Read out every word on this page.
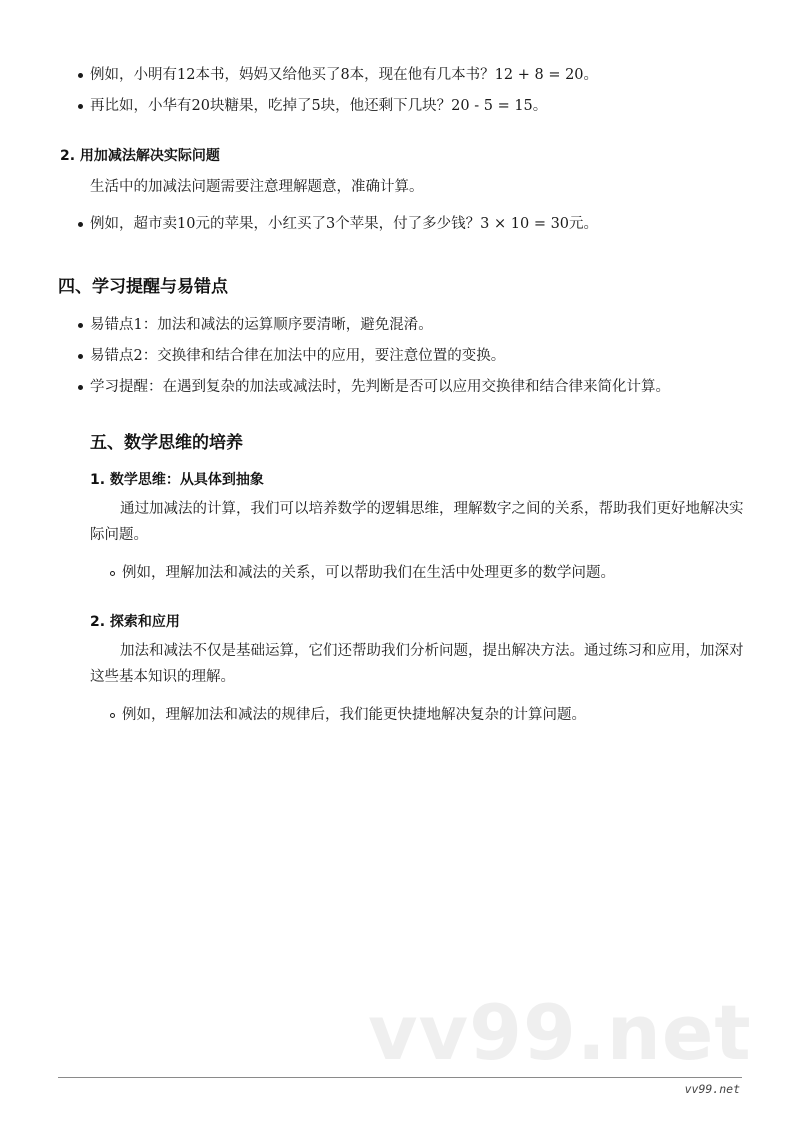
例如，小明有12本书，妈妈又给他买了8本，现在他有几本书？12 + 8 = 20。
再比如，小华有20块糖果，吃掉了5块，他还剩下几块？20 - 5 = 15。
2. 用加减法解决实际问题
生活中的加减法问题需要注意理解题意，准确计算。
例如，超市卖10元的苹果，小红买了3个苹果，付了多少钱？3 × 10 = 30元。
四、学习提醒与易错点
易错点1：加法和减法的运算顺序要清晰，避免混淆。
易错点2：交换律和结合律在加法中的应用，要注意位置的变换。
学习提醒：在遇到复杂的加法或减法时，先判断是否可以应用交换律和结合律来简化计算。
五、数学思维的培养
1. 数学思维：从具体到抽象
通过加减法的计算，我们可以培养数学的逻辑思维，理解数字之间的关系，帮助我们更好地解决实际问题。
例如，理解加法和减法的关系，可以帮助我们在生活中处理更多的数学问题。
2. 探索和应用
加法和减法不仅是基础运算，它们还帮助我们分析问题，提出解决方法。通过练习和应用，加深对这些基本知识的理解。
例如，理解加法和减法的规律后，我们能更快捷地解决复杂的计算问题。
vv99.net
vv99.net
